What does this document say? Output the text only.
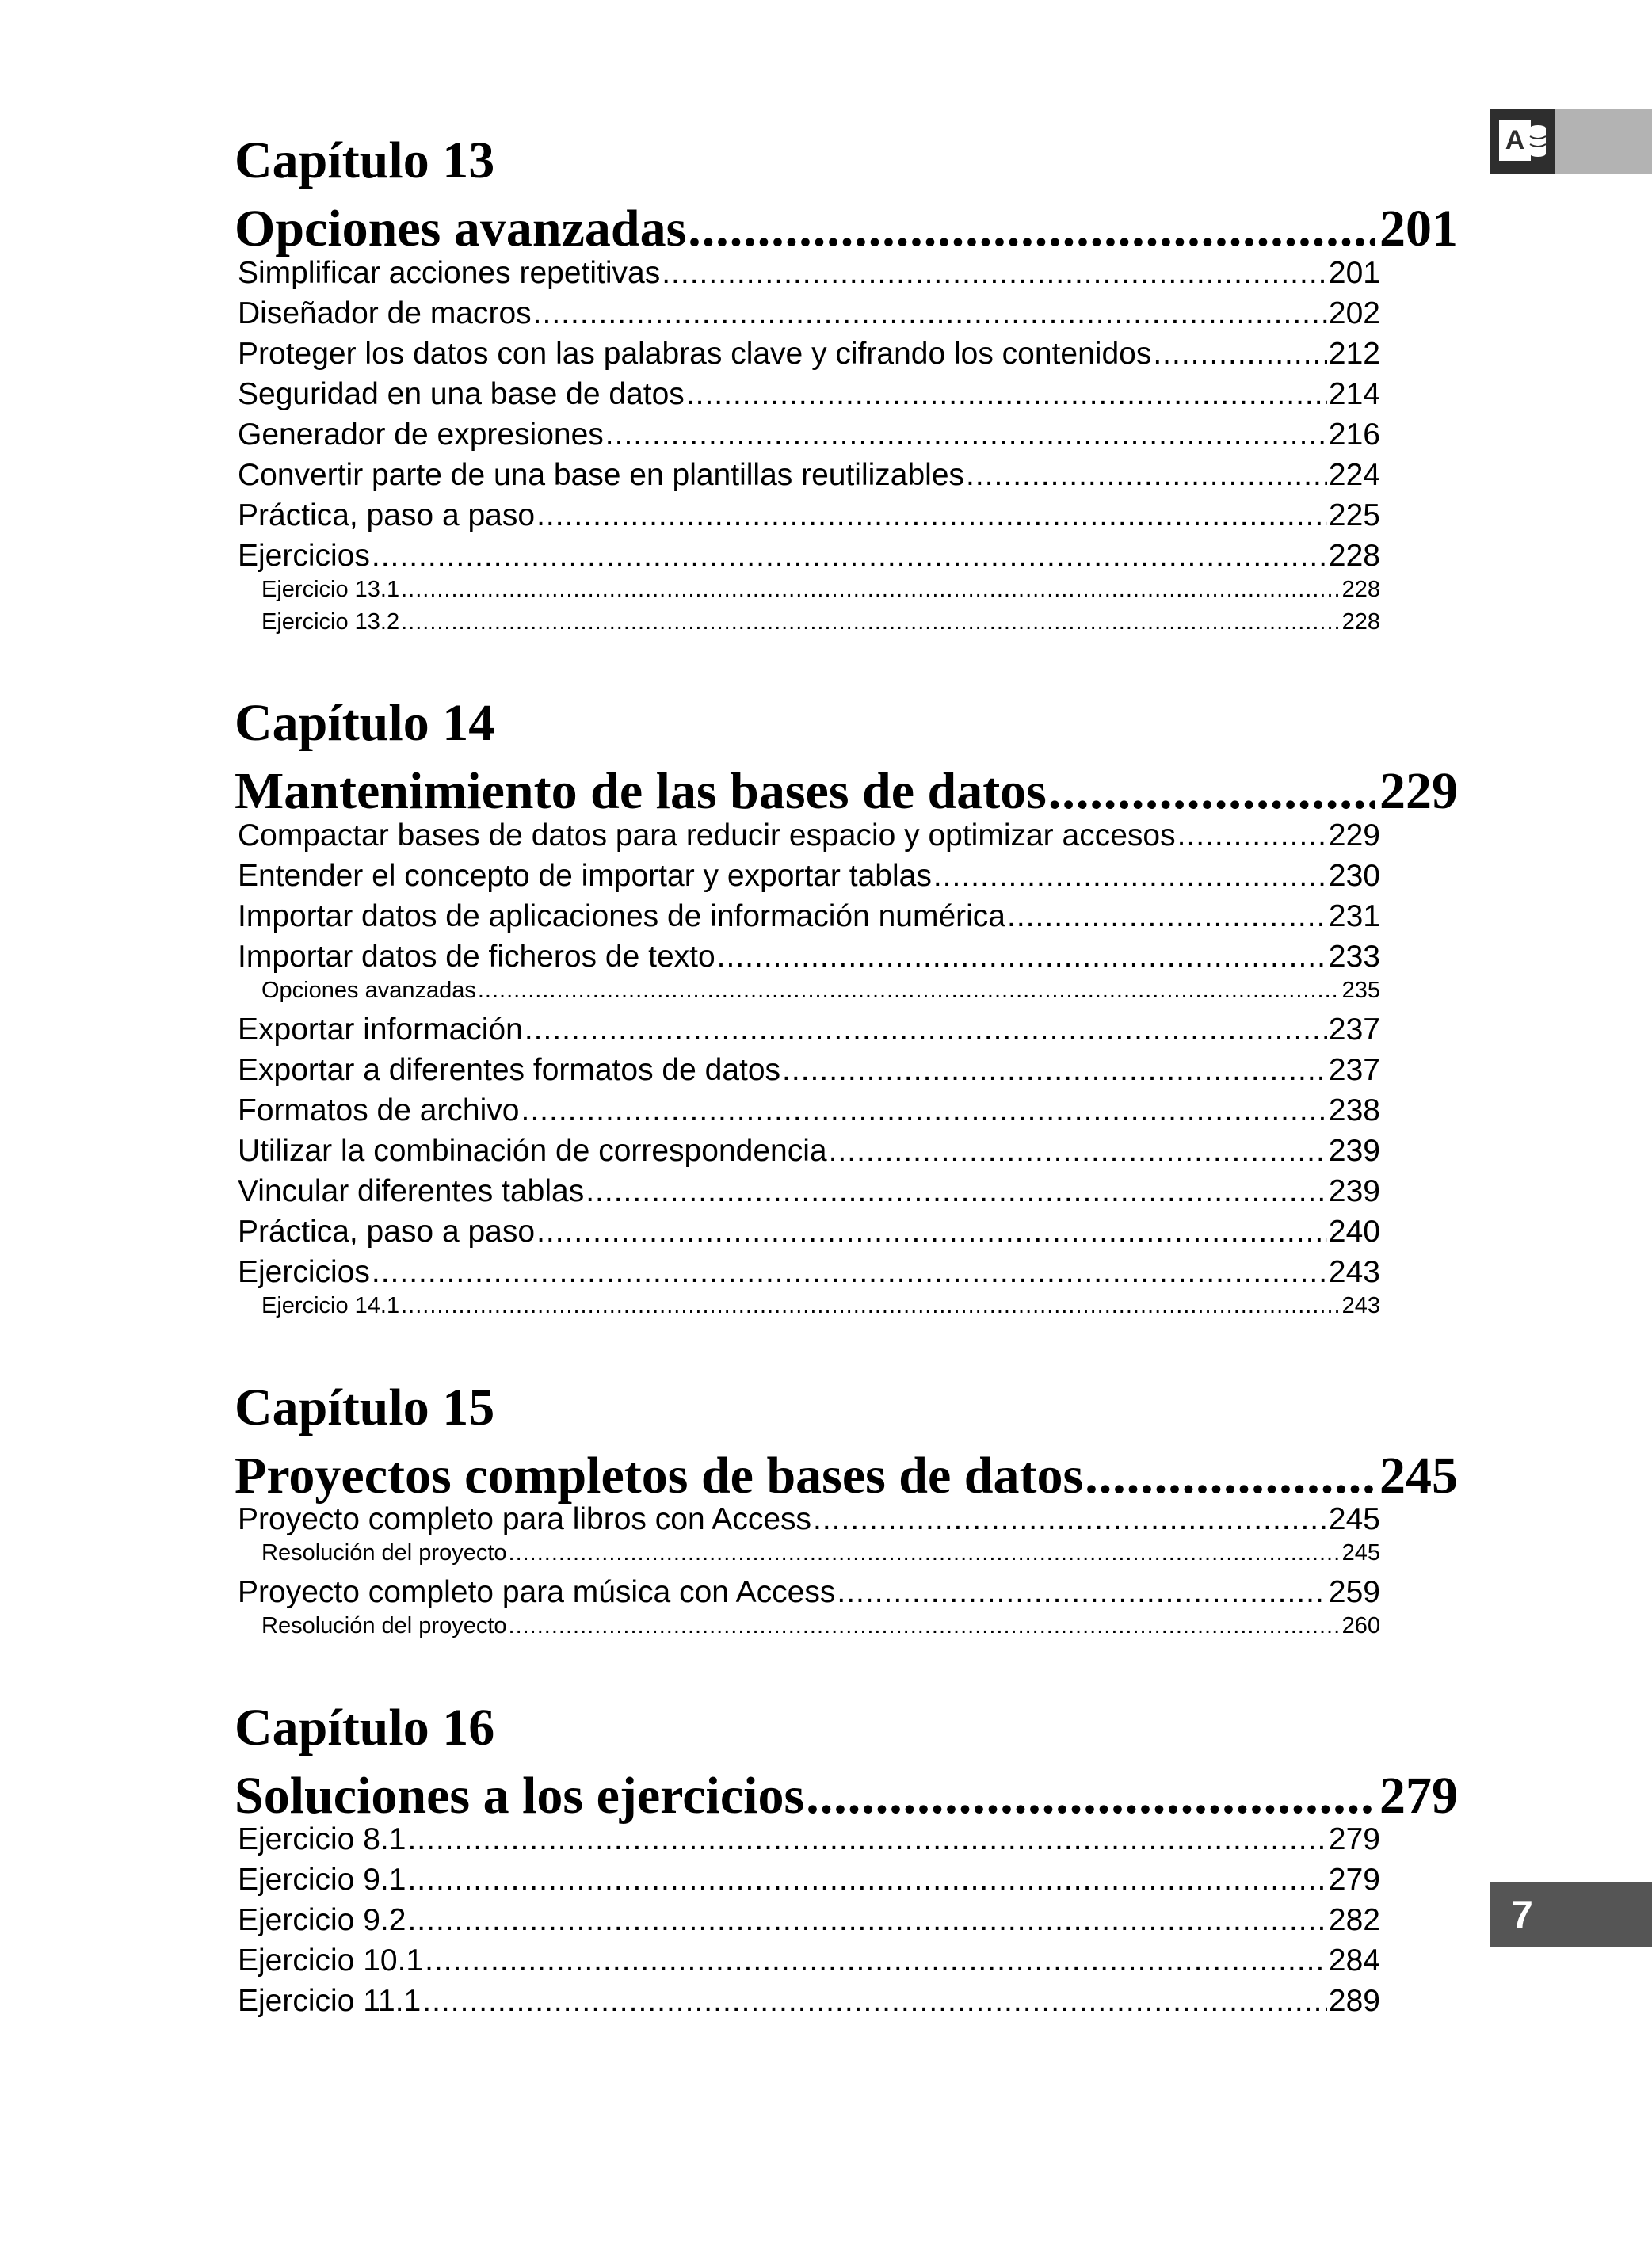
A
7
Capítulo 13
Opciones avanzadas .....	201
Simplificar acciones repetitivas .....	201
Diseñador de macros .....	202
Proteger los datos con las palabras clave y cifrando los contenidos .....	212
Seguridad en una base de datos .....	214
Generador de expresiones .....	216
Convertir parte de una base en plantillas reutilizables .....	224
Práctica, paso a paso .....	225
Ejercicios .....	228
Ejercicio 13.1 .....	228
Ejercicio 13.2 .....	228
Capítulo 14
Mantenimiento de las bases de datos .....	229
Compactar bases de datos para reducir espacio y optimizar accesos .....	229
Entender el concepto de importar y exportar tablas .....	230
Importar datos de aplicaciones de información numérica .....	231
Importar datos de ficheros de texto .....	233
Opciones avanzadas .....	235
Exportar información .....	237
Exportar a diferentes formatos de datos .....	237
Formatos de archivo .....	238
Utilizar la combinación de correspondencia .....	239
Vincular diferentes tablas .....	239
Práctica, paso a paso .....	240
Ejercicios .....	243
Ejercicio 14.1 .....	243
Capítulo 15
Proyectos completos de bases de datos .....	245
Proyecto completo para libros con Access .....	245
Resolución del proyecto .....	245
Proyecto completo para música con Access .....	259
Resolución del proyecto .....	260
Capítulo 16
Soluciones a los ejercicios .....	279
Ejercicio 8.1 .....	279
Ejercicio 9.1 .....	279
Ejercicio 9.2 .....	282
Ejercicio 10.1 .....	284
Ejercicio 11.1 .....	289
